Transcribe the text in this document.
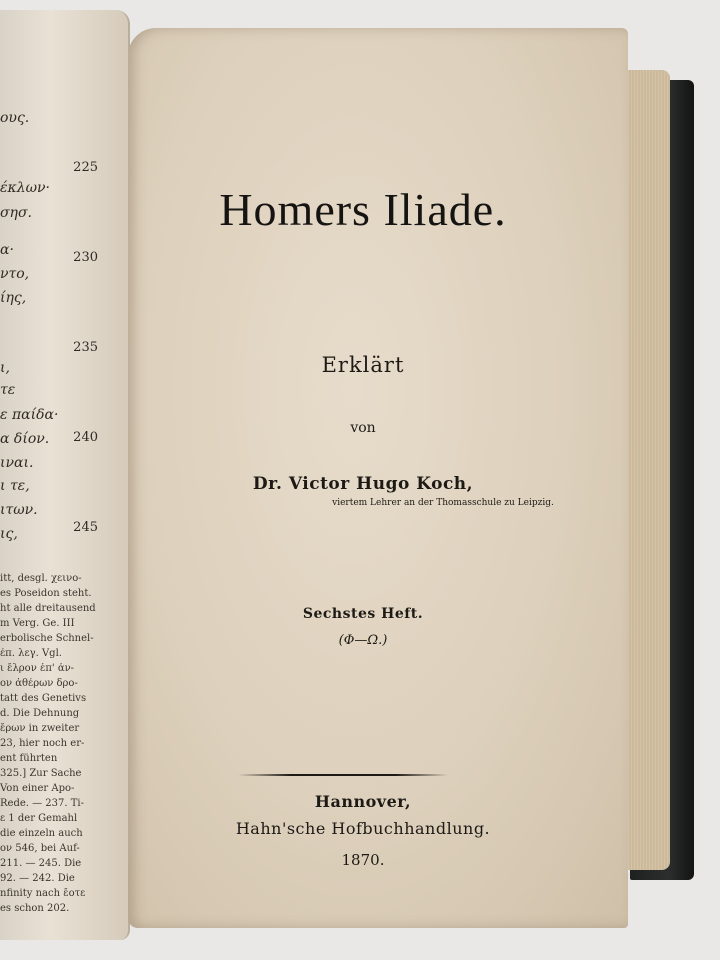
ους.
225
έκλων·
σησ.
α·	230
ντο,
ίης,
235
ι,
τε
ε παίδα·
240
α δίον.
ιναι.
ι τε,
ιτων.
245
ις,
itt, desgl. χεινο-
es Poseidon steht.
ht alle dreitausend
m Verg. Ge. III
erbolische Schnel-
έπ. λεγ. Vgl.
ι ἔλρον ἐπ' ἀν-
ον ἀθέρων δρο-
tatt des Genetivs
d. Die Dehnung
ἔρων in zweiter
23, hier noch er-
ent führten
325.] Zur Sache
Von einer Apo-
Rede. — 237. Ti-
ε 1 der Gemahl
die einzeln auch
ον 546, bei Auf-
211. — 245. Die
92. — 242. Die
nfinity nach ἔοτε
es schon 202.
Homers Iliade.
Erklärt
von
Dr. Victor Hugo Koch,
viertem Lehrer an der Thomasschule zu Leipzig.
Sechstes Heft.
(Φ—Ω.)
Hannover,
Hahn'sche Hofbuchhandlung.
1870.
